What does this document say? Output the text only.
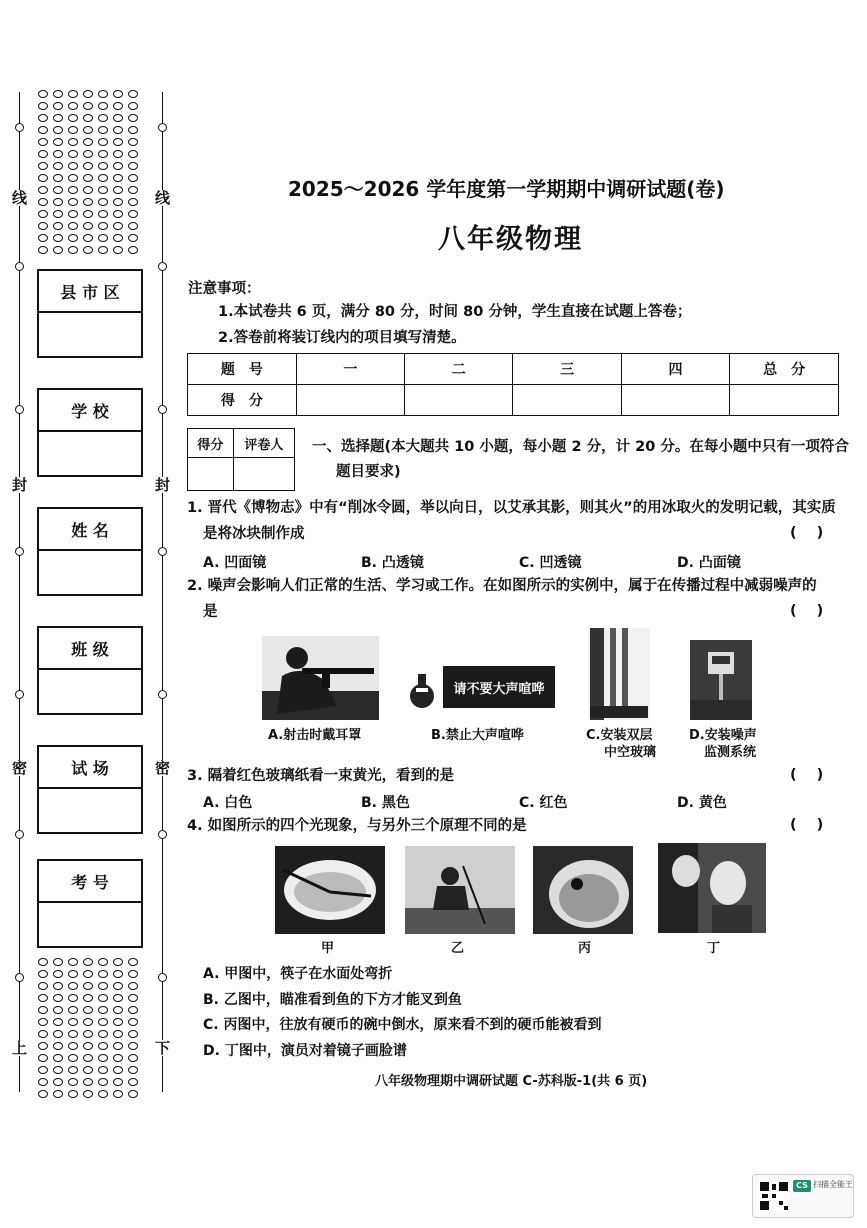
线
封
密
上
线
封
密
下
县 市 区
学 校
姓 名
班 级
试 场
考 号
2025～2026 学年度第一学期期中调研试题(卷)
八年级物理
注意事项：
1.本试卷共 6 页，满分 80 分，时间 80 分钟，学生直接在试题上答卷；
2.答卷前将装订线内的项目填写清楚。
题　号	一	二	三	四	总　分
得　分					
得分	评卷人
	一、选择题(本大题共 10 小题，每小题 2 分，计 20 分。在每小题中只有一项符合
题目要求)
1. 晋代《博物志》中有“削冰令圆，举以向日，以艾承其影，则其火”的用冰取火的发明记载，其实质
是将冰块制作成	()
A. 凹面镜	B. 凸透镜	C. 凹透镜	D. 凸面镜
2. 噪声会影响人们正常的生活、学习或工作。在如图所示的实例中，属于在传播过程中减弱噪声的
是	()
请不要大声喧哗
A.射击时戴耳罩	B.禁止大声喧哗	C.安装双层
中空玻璃
D.安装噪声
监测系统
3. 隔着红色玻璃纸看一束黄光，看到的是	()
A. 白色	B. 黑色	C. 红色	D. 黄色
4. 如图所示的四个光现象，与另外三个原理不同的是	()
甲	乙	丙	丁
A. 甲图中，筷子在水面处弯折
B. 乙图中，瞄准看到鱼的下方才能叉到鱼
C. 丙图中，往放有硬币的碗中倒水，原来看不到的硬币能被看到
D. 丁图中，演员对着镜子画脸谱
八年级物理期中调研试题 C-苏科版-1(共 6 页)
CS 扫描全能王
